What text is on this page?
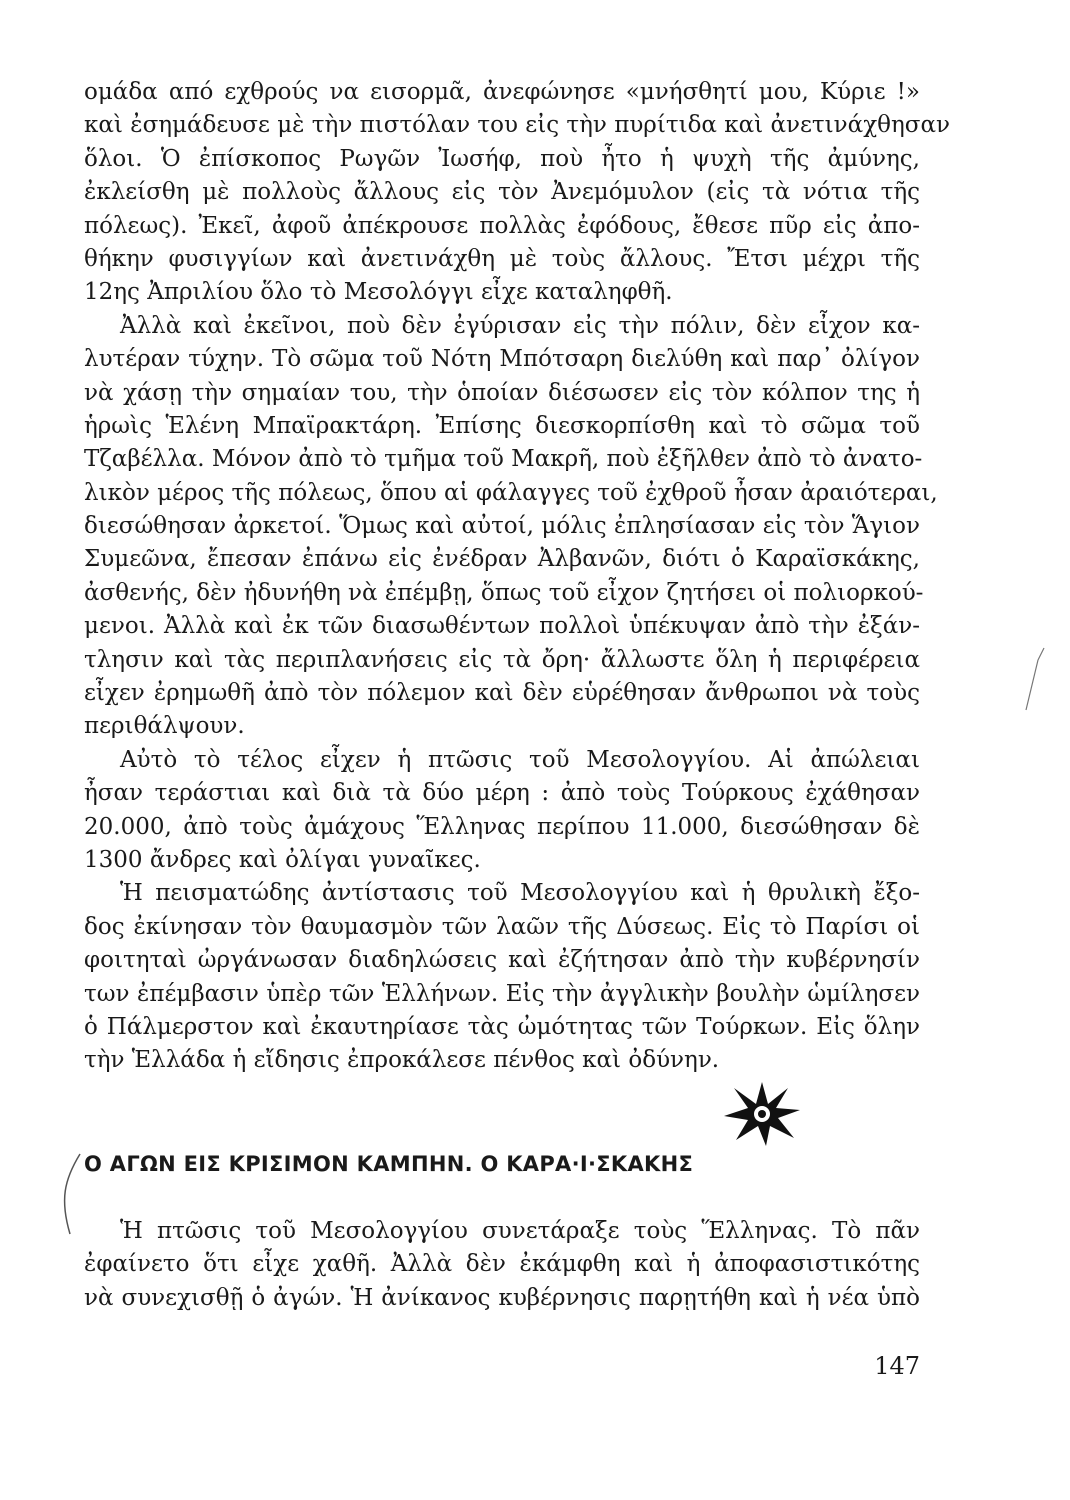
ομάδα από εχθρούς να εισορμᾶ, ἀνεφώνησε «μνήσθητί μου, Κύριε !»
καὶ ἐσημάδευσε μὲ τὴν πιστόλαν του εἰς τὴν πυρίτιδα καὶ ἀνετινάχθησαν
ὅλοι. Ὁ ἐπίσκοπος Ρωγῶν Ἰωσήφ, ποὺ ἦτο ἡ ψυχὴ τῆς ἀμύνης,
ἐκλείσθη μὲ πολλοὺς ἄλλους εἰς τὸν Ἀνεμόμυλον (εἰς τὰ νότια τῆς
πόλεως). Ἐκεῖ, ἀφοῦ ἀπέκρουσε πολλὰς ἐφόδους, ἔθεσε πῦρ εἰς ἀπο-
θήκην φυσιγγίων καὶ ἀνετινάχθη μὲ τοὺς ἄλλους. Ἔτσι μέχρι τῆς
12ης Ἀπριλίου ὅλο τὸ Μεσολόγγι εἶχε καταληφθῆ.
Ἀλλὰ καὶ ἐκεῖνοι, ποὺ δὲν ἐγύρισαν εἰς τὴν πόλιν, δὲν εἶχον κα-
λυτέραν τύχην. Τὸ σῶμα τοῦ Νότη Μπότσαρη διελύθη καὶ παρ᾽ ὀλίγον
νὰ χάσῃ τὴν σημαίαν του, τὴν ὁποίαν διέσωσεν εἰς τὸν κόλπον της ἡ
ἡρωὶς Ἑλένη Μπαϊρακτάρη. Ἐπίσης διεσκορπίσθη καὶ τὸ σῶμα τοῦ
Τζαβέλλα. Μόνον ἀπὸ τὸ τμῆμα τοῦ Μακρῆ, ποὺ ἐξῆλθεν ἀπὸ τὸ ἀνατο-
λικὸν μέρος τῆς πόλεως, ὅπου αἱ φάλαγγες τοῦ ἐχθροῦ ἦσαν ἀραιότεραι,
διεσώθησαν ἀρκετοί. Ὅμως καὶ αὐτοί, μόλις ἐπλησίασαν εἰς τὸν Ἅγιον
Συμεῶνα, ἔπεσαν ἐπάνω εἰς ἐνέδραν Ἀλβανῶν, διότι ὁ Καραϊσκάκης,
ἀσθενής, δὲν ἠδυνήθη νὰ ἐπέμβῃ, ὅπως τοῦ εἶχον ζητήσει οἱ πολιορκού-
μενοι. Ἀλλὰ καὶ ἐκ τῶν διασωθέντων πολλοὶ ὑπέκυψαν ἀπὸ τὴν ἐξάν-
τλησιν καὶ τὰς περιπλανήσεις εἰς τὰ ὄρη· ἄλλωστε ὅλη ἡ περιφέρεια
εἶχεν ἐρημωθῆ ἀπὸ τὸν πόλεμον καὶ δὲν εὑρέθησαν ἄνθρωποι νὰ τοὺς
περιθάλψουν.
Αὐτὸ τὸ τέλος εἶχεν ἡ πτῶσις τοῦ Μεσολογγίου. Αἱ ἀπώλειαι
ἦσαν τεράστιαι καὶ διὰ τὰ δύο μέρη : ἀπὸ τοὺς Τούρκους ἐχάθησαν
20.000, ἀπὸ τοὺς ἀμάχους Ἕλληνας περίπου 11.000, διεσώθησαν δὲ
1300 ἄνδρες καὶ ὀλίγαι γυναῖκες.
Ἡ πεισματώδης ἀντίστασις τοῦ Μεσολογγίου καὶ ἡ θρυλικὴ ἔξο-
δος ἐκίνησαν τὸν θαυμασμὸν τῶν λαῶν τῆς Δύσεως. Εἰς τὸ Παρίσι οἱ
φοιτηταὶ ὠργάνωσαν διαδηλώσεις καὶ ἐζήτησαν ἀπὸ τὴν κυβέρνησίν
των ἐπέμβασιν ὑπὲρ τῶν Ἑλλήνων. Εἰς τὴν ἀγγλικὴν βουλὴν ὡμίλησεν
ὁ Πάλμερστον καὶ ἐκαυτηρίασε τὰς ὠμότητας τῶν Τούρκων. Εἰς ὅλην
τὴν Ἑλλάδα ἡ εἴδησις ἐπροκάλεσε πένθος καὶ ὀδύνην.
Ο ΑΓΩΝ ΕΙΣ ΚΡΙΣΙΜΟΝ ΚΑΜΠΗΝ. Ο ΚΑΡΑ·Ι·ΣΚΑΚΗΣ
Ἡ πτῶσις τοῦ Μεσολογγίου συνετάραξε τοὺς Ἕλληνας. Τὸ πᾶν
ἐφαίνετο ὅτι εἶχε χαθῆ. Ἀλλὰ δὲν ἐκάμφθη καὶ ἡ ἀποφασιστικότης
νὰ συνεχισθῇ ὁ ἀγών. Ἡ ἀνίκανος κυβέρνησις παρῃτήθη καὶ ἡ νέα ὑπὸ
147
